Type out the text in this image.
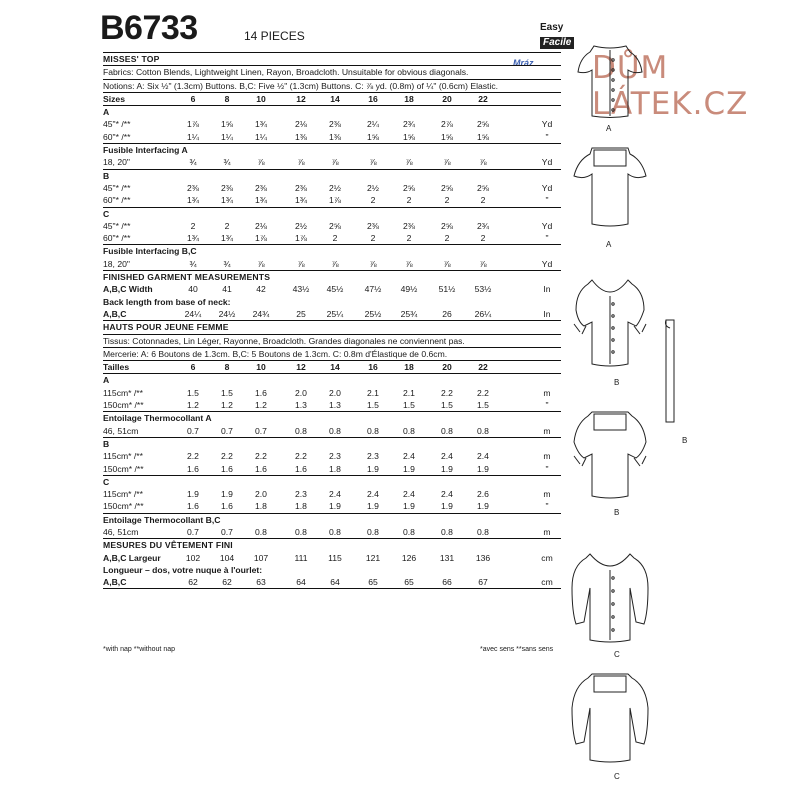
B6733	14 PIECES
Easy
Facile
Mráz DŮM LÁTEK.CZ
MISSES' TOP
Fabrics: Cotton Blends, Lightweight Linen, Rayon, Broadcloth. Unsuitable for obvious diagonals.
Notions: A: Six ½" (1.3cm) Buttons. B,C: Five ½" (1.3cm) Buttons. C: ⅞ yd. (0.8m) of ¼" (0.6cm) Elastic.
Sizes	6	8	10	12	14	16	18	20	22
A
45"* /**	1⅞	1⅝	1¾	2⅛	2⅜	2¼	2¾	2⅞	2⅝	Yd
60"* /**	1¼	1¼	1¼	1⅜	1⅜	1⅝	1⅝	1⅝	1⅝	"
Fusible Interfacing A
18, 20"	¾	¾	⅞	⅞	⅞	⅞	⅞	⅞	⅞	Yd
B
45"* /**	2⅜	2⅜	2⅜	2⅜	2½	2½	2⅝	2⅝	2⅝	Yd
60"* /**	1¾	1¾	1¾	1¾	1⅞	2	2	2	2	"
C
45"* /**	2	2	2⅛	2½	2⅝	2⅜	2⅜	2⅝	2¾	Yd
60"* /**	1¾	1¾	1⅞	1⅞	2	2	2	2	2	"
Fusible Interfacing B,C
18, 20"	¾	¾	⅞	⅞	⅞	⅞	⅞	⅞	⅞	Yd
FINISHED GARMENT MEASUREMENTS
A,B,C Width	40	41	42	43½	45½	47½	49½	51½	53½	In
Back length from base of neck:
A,B,C	24¼	24½	24¾	25	25¼	25½	25¾	26	26¼	In
HAUTS POUR JEUNE FEMME
Tissus: Cotonnades, Lin Léger, Rayonne, Broadcloth. Grandes diagonales ne conviennent pas.
Mercerie: A: 6 Boutons de 1.3cm. B,C: 5 Boutons de 1.3cm. C: 0.8m d'Élastique de 0.6cm.
Tailles	6	8	10	12	14	16	18	20	22
A
115cm* /**	1.5	1.5	1.6	2.0	2.0	2.1	2.1	2.2	2.2	m
150cm* /**	1.2	1.2	1.2	1.3	1.3	1.5	1.5	1.5	1.5	"
Entoilage Thermocollant A
46, 51cm	0.7	0.7	0.7	0.8	0.8	0.8	0.8	0.8	0.8	m
B
115cm* /**	2.2	2.2	2.2	2.2	2.3	2.3	2.4	2.4	2.4	m
150cm* /**	1.6	1.6	1.6	1.6	1.8	1.9	1.9	1.9	1.9	"
C
115cm* /**	1.9	1.9	2.0	2.3	2.4	2.4	2.4	2.4	2.6	m
150cm* /**	1.6	1.6	1.8	1.8	1.9	1.9	1.9	1.9	1.9	"
Entoilage Thermocollant B,C
46, 51cm	0.7	0.7	0.8	0.8	0.8	0.8	0.8	0.8	0.8	m
MESURES DU VÊTEMENT FINI
A,B,C Largeur	102	104	107	111	115	121	126	131	136	cm
Longueur – dos, votre nuque à l'ourlet:
A,B,C	62	62	63	64	64	65	65	66	67	cm
*with nap **without nap	*avec sens **sans sens
A
A
B
B
B
C
C
